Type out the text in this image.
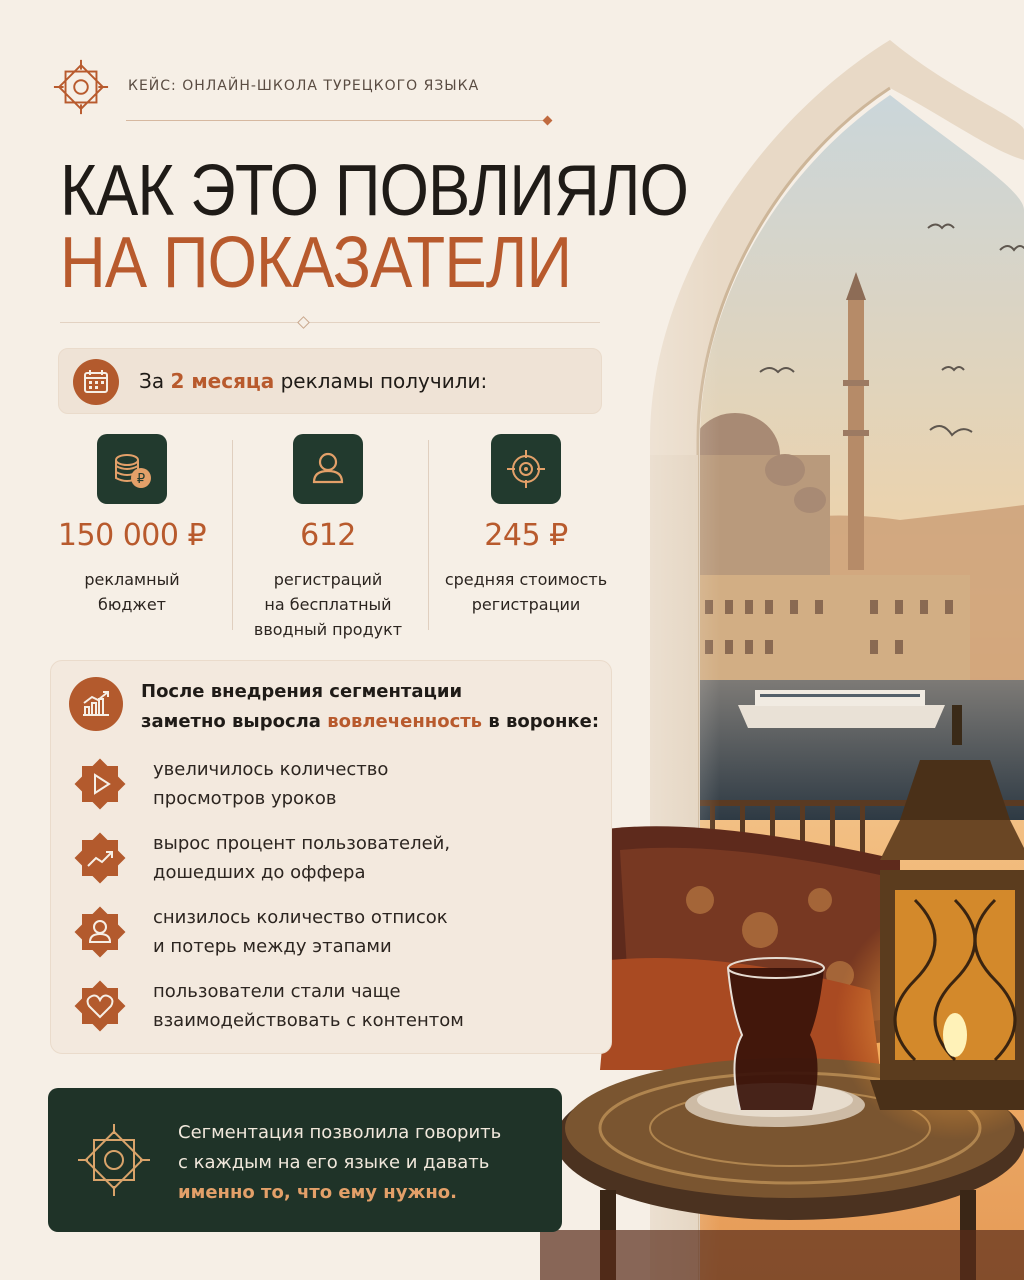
КЕЙС: ОНЛАЙН-ШКОЛА ТУРЕЦКОГО ЯЗЫКА
КАК ЭТО ПОВЛИЯЛО
НА ПОКАЗАТЕЛИ
За 2 месяца рекламы получили:
₽
150 000 ₽
рекламный
бюджет
612
регистраций
на бесплатный
вводный продукт
245 ₽
средняя стоимость
регистрации
После внедрения сегментации
заметно выросла вовлеченность в воронке:
увеличилось количество
просмотров уроков
вырос процент пользователей,
дошедших до оффера
снизилось количество отписок
и потерь между этапами
пользователи стали чаще
взаимодействовать с контентом
Сегментация позволила говорить
с каждым на его языке и давать
именно то, что ему нужно.
